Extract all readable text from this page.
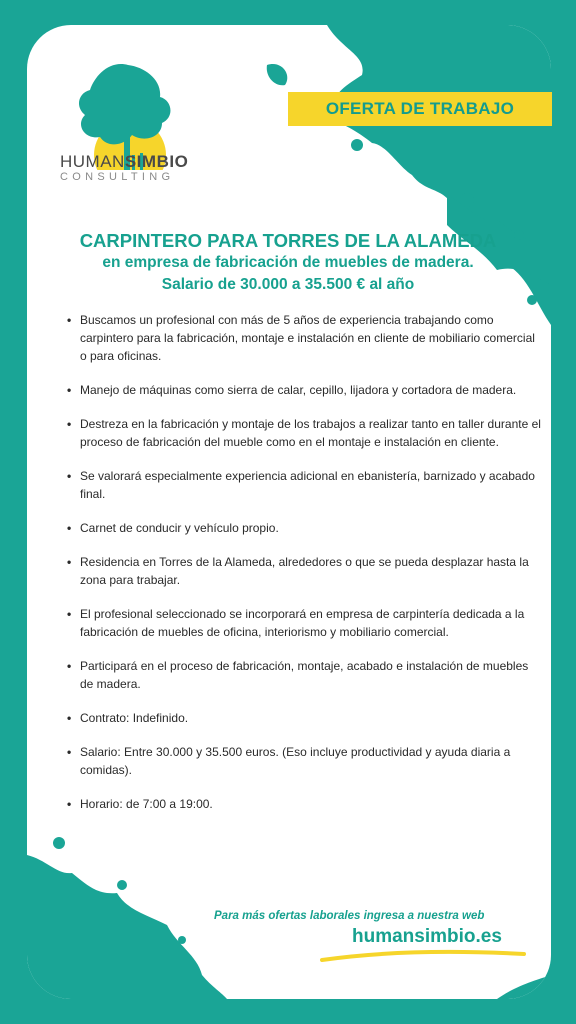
HUMANSIMBIO
CONSULTING
OFERTA DE TRABAJO
CARPINTERO PARA TORRES DE LA ALAMEDA
en empresa de fabricación de muebles de madera.
Salario de 30.000 a 35.500 € al año
• Buscamos un profesional con más de 5 años de experiencia trabajando como carpintero para la fabricación, montaje e instalación en cliente de mobiliario comercial o para oficinas.
• Manejo de máquinas como sierra de calar, cepillo, lijadora y cortadora de madera.
• Destreza en la fabricación y montaje de los trabajos a realizar tanto en taller durante el proceso de fabricación del mueble como en el montaje e instalación en cliente.
• Se valorará especialmente experiencia adicional en ebanistería, barnizado y acabado final.
• Carnet de conducir y vehículo propio.
• Residencia en Torres de la Alameda, alrededores o que se pueda desplazar hasta la zona para trabajar.
• El profesional seleccionado se incorporará en empresa de carpintería dedicada a la fabricación de muebles de oficina, interiorismo y mobiliario comercial.
• Participará en el proceso de fabricación, montaje, acabado e instalación de muebles de madera.
• Contrato: Indefinido.
• Salario: Entre 30.000 y 35.500 euros. (Eso incluye productividad y ayuda diaria a comidas).
• Horario: de 7:00 a 19:00.
Para más ofertas laborales ingresa a nuestra web
humansimbio.es
